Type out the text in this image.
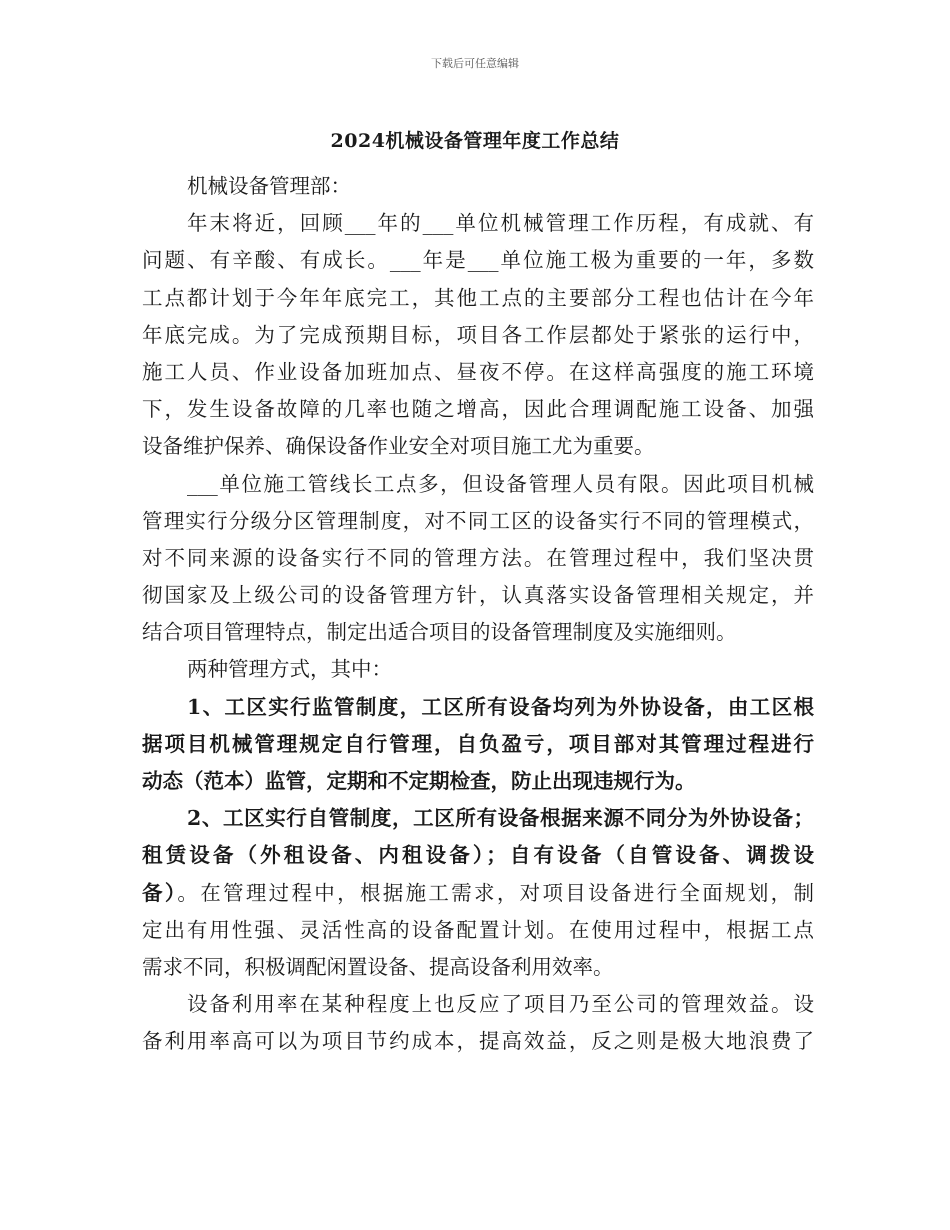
下载后可任意编辑
2024机械设备管理年度工作总结
机械设备管理部：
年末将近，回顾___年的___单位机械管理工作历程，有成就、有
问题、有辛酸、有成长。___年是___单位施工极为重要的一年，多数
工点都计划于今年年底完工，其他工点的主要部分工程也估计在今年
年底完成。为了完成预期目标，项目各工作层都处于紧张的运行中，
施工人员、作业设备加班加点、昼夜不停。在这样高强度的施工环境
下，发生设备故障的几率也随之增高，因此合理调配施工设备、加强
设备维护保养、确保设备作业安全对项目施工尤为重要。
___单位施工管线长工点多，但设备管理人员有限。因此项目机械
管理实行分级分区管理制度，对不同工区的设备实行不同的管理模式，
对不同来源的设备实行不同的管理方法。在管理过程中，我们坚决贯
彻国家及上级公司的设备管理方针，认真落实设备管理相关规定，并
结合项目管理特点，制定出适合项目的设备管理制度及实施细则。
两种管理方式，其中：
1、工区实行监管制度，工区所有设备均列为外协设备，由工区根
据项目机械管理规定自行管理，自负盈亏，项目部对其管理过程进行
动态（范本）监管，定期和不定期检查，防止出现违规行为。
2、工区实行自管制度，工区所有设备根据来源不同分为外协设备；
租赁设备（外租设备、内租设备）；自有设备（自管设备、调拨设
备）。在管理过程中，根据施工需求，对项目设备进行全面规划，制
定出有用性强、灵活性高的设备配置计划。在使用过程中，根据工点
需求不同，积极调配闲置设备、提高设备利用效率。
设备利用率在某种程度上也反应了项目乃至公司的管理效益。设
备利用率高可以为项目节约成本，提高效益，反之则是极大地浪费了
